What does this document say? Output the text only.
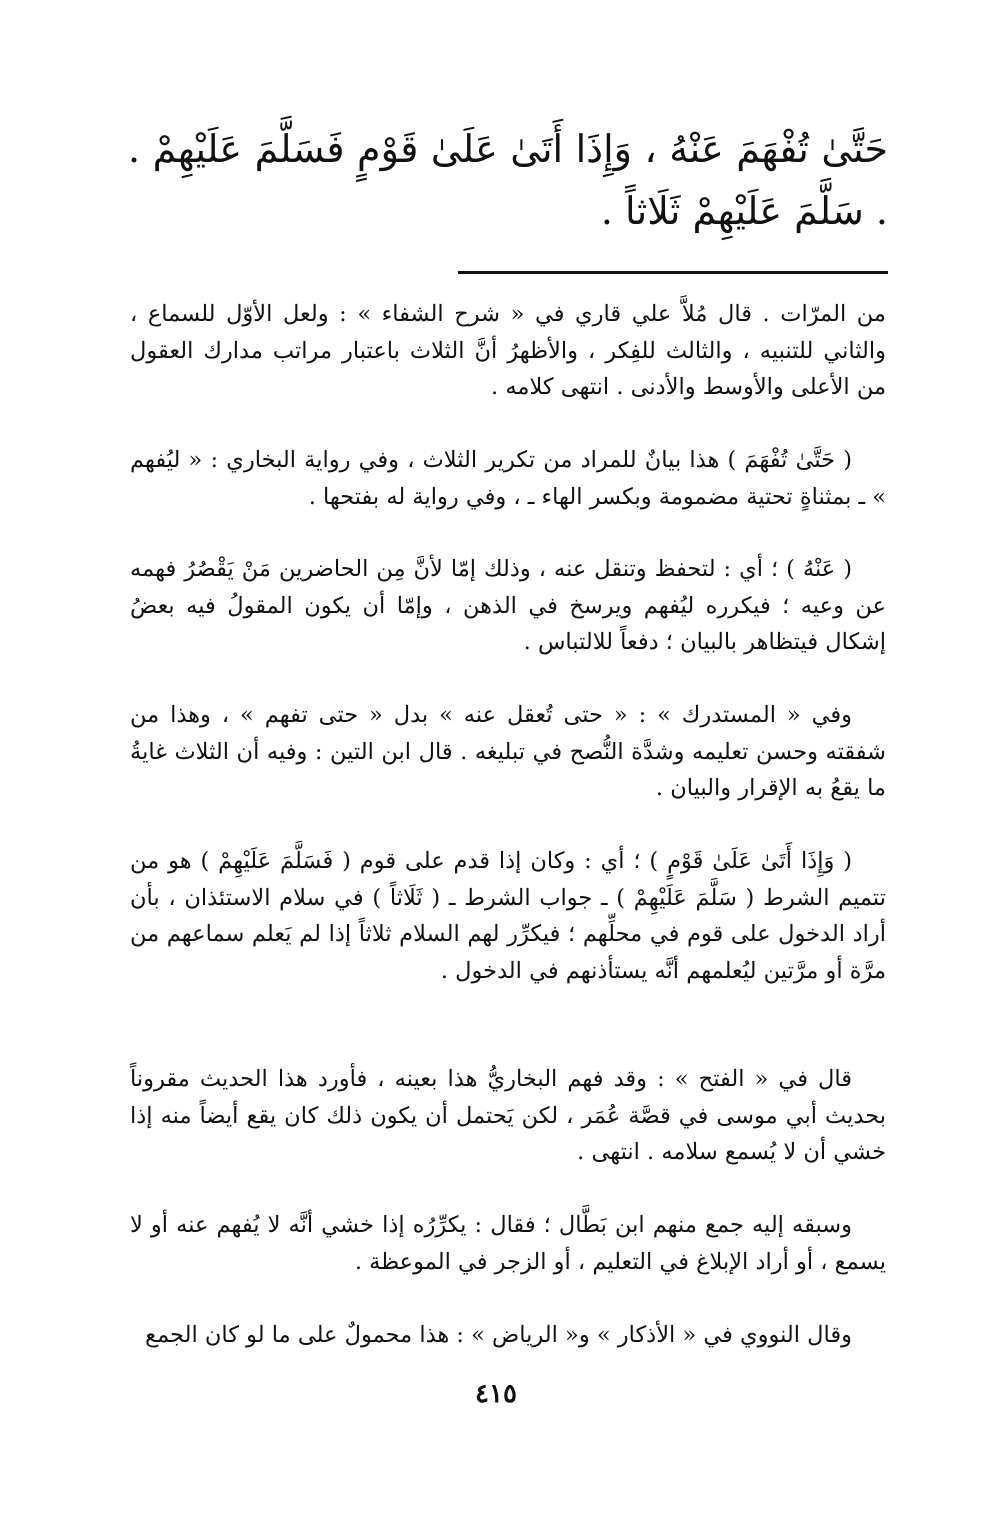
حَتَّىٰ تُفْهَمَ عَنْهُ ، وَإِذَا أَتَىٰ عَلَىٰ قَوْمٍ فَسَلَّمَ عَلَيْهِمْ . . سَلَّمَ عَلَيْهِمْ ثَلَاثاً .

من المرّات . قال مُلاَّ علي قاري في « شرح الشفاء » : ولعل الأوّل للسماع ، والثاني للتنبيه ، والثالث للفِكر ، والأظهرُ أنَّ الثلاث باعتبار مراتب مدارك العقول من الأعلى والأوسط والأدنى . انتهى كلامه .

( حَتَّىٰ تُفْهَمَ ) هذا بيانٌ للمراد من تكرير الثلاث ، وفي رواية البخاري : « ليُفهم » ـ بمثناةٍ تحتية مضمومة وبكسر الهاء ـ ، وفي رواية له بفتحها .

( عَنْهُ ) ؛ أي : لتحفظ وتنقل عنه ، وذلك إمّا لأنَّ مِن الحاضرين مَنْ يَقْصُرُ فهمه عن وعيه ؛ فيكرره ليُفهم ويرسخ في الذهن ، وإمّا أن يكون المقولُ فيه بعضُ إشكال فيتظاهر بالبيان ؛ دفعاً للالتباس .

وفي « المستدرك » : « حتى تُعقل عنه » بدل « حتى تفهم » ، وهذا من شفقته وحسن تعليمه وشدَّة النُّصح في تبليغه . قال ابن التين : وفيه أن الثلاث غايةُ ما يقعُ به الإقرار والبيان .

( وَإِذَا أَتَىٰ عَلَىٰ قَوْمٍ ) ؛ أي : وكان إذا قدم على قوم ( فَسَلَّمَ عَلَيْهِمْ ) هو من تتميم الشرط ( سَلَّمَ عَلَيْهِمْ ) ـ جواب الشرط ـ ( ثَلَاثاً ) في سلام الاستئذان ، بأن أراد الدخول على قوم في محلِّهم ؛ فيكرِّر لهم السلام ثلاثاً إذا لم يَعلم سماعهم من مرَّة أو مرَّتين ليُعلمهم أنَّه يستأذنهم في الدخول .

قال في « الفتح » : وقد فهم البخاريُّ هذا بعينه ، فأورد هذا الحديث مقروناً بحديث أبي موسى في قصَّة عُمَر ، لكن يَحتمل أن يكون ذلك كان يقع أيضاً منه إذا خشي أن لا يُسمع سلامه . انتهى .

وسبقه إليه جمع منهم ابن بَطَّال ؛ فقال : يكرِّرُه إذا خشي أنَّه لا يُفهم عنه أو لا يسمع ، أو أراد الإبلاغ في التعليم ، أو الزجر في الموعظة .

وقال النووي في « الأذكار » و« الرياض » : هذا محمولٌ على ما لو كان الجمع

٤١٥
